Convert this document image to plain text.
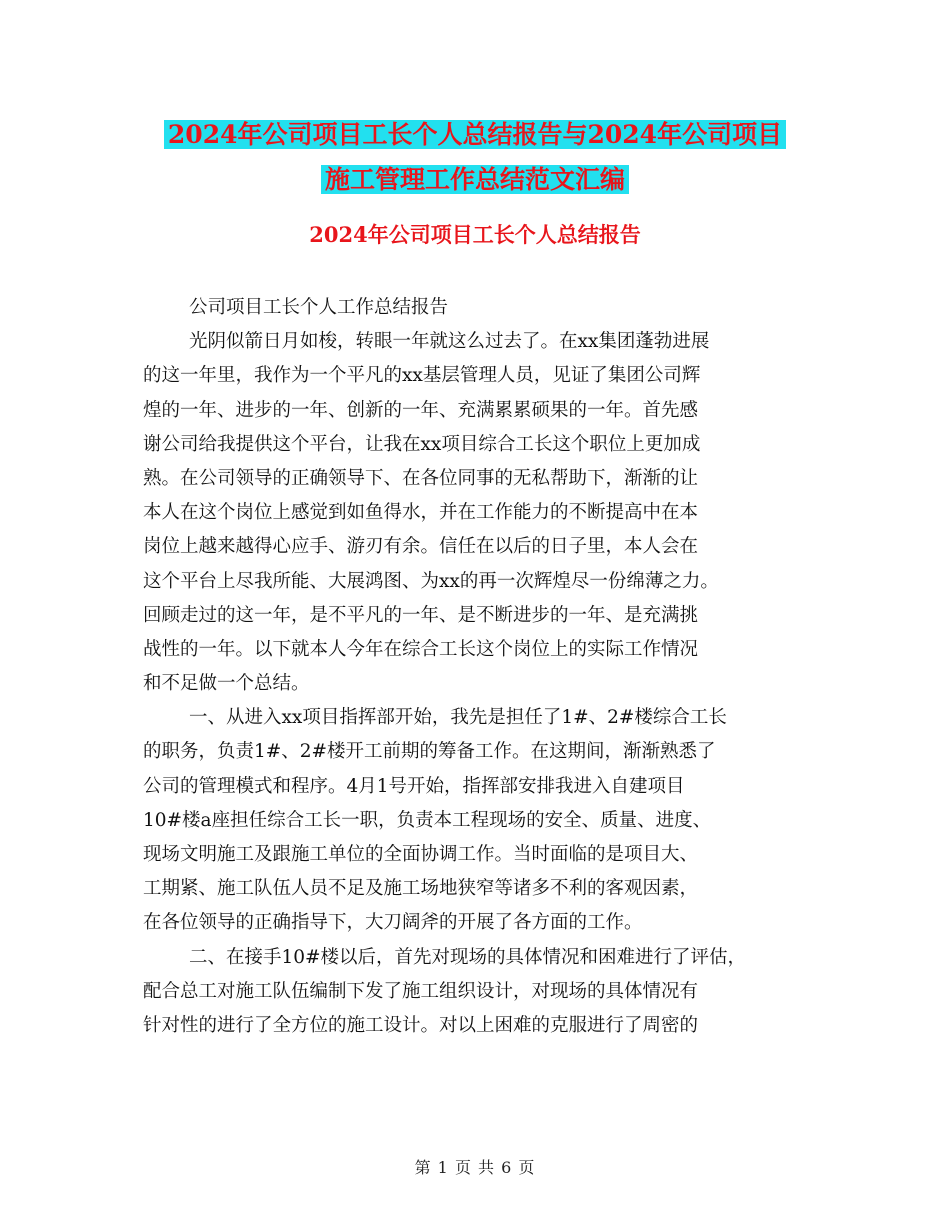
2024年公司项目工长个人总结报告与2024年公司项目
施工管理工作总结范文汇编
2024年公司项目工长个人总结报告
公司项目工长个人工作总结报告
光阴似箭日月如梭，转眼一年就这么过去了。在xx集团蓬勃进展
的这一年里，我作为一个平凡的xx基层管理人员，见证了集团公司辉
煌的一年、进步的一年、创新的一年、充满累累硕果的一年。首先感
谢公司给我提供这个平台，让我在xx项目综合工长这个职位上更加成
熟。在公司领导的正确领导下、在各位同事的无私帮助下，渐渐的让
本人在这个岗位上感觉到如鱼得水，并在工作能力的不断提高中在本
岗位上越来越得心应手、游刃有余。信任在以后的日子里，本人会在
这个平台上尽我所能、大展鸿图、为xx的再一次辉煌尽一份绵薄之力。
回顾走过的这一年，是不平凡的一年、是不断进步的一年、是充满挑
战性的一年。以下就本人今年在综合工长这个岗位上的实际工作情况
和不足做一个总结。
一、从进入xx项目指挥部开始，我先是担任了1#、2#楼综合工长
的职务，负责1#、2#楼开工前期的筹备工作。在这期间，渐渐熟悉了
公司的管理模式和程序。4月1号开始，指挥部安排我进入自建项目
10#楼a座担任综合工长一职，负责本工程现场的安全、质量、进度、
现场文明施工及跟施工单位的全面协调工作。当时面临的是项目大、
工期紧、施工队伍人员不足及施工场地狭窄等诸多不利的客观因素，
在各位领导的正确指导下，大刀阔斧的开展了各方面的工作。
二、在接手10#楼以后，首先对现场的具体情况和困难进行了评估，
配合总工对施工队伍编制下发了施工组织设计，对现场的具体情况有
针对性的进行了全方位的施工设计。对以上困难的克服进行了周密的
第 1 页 共 6 页
